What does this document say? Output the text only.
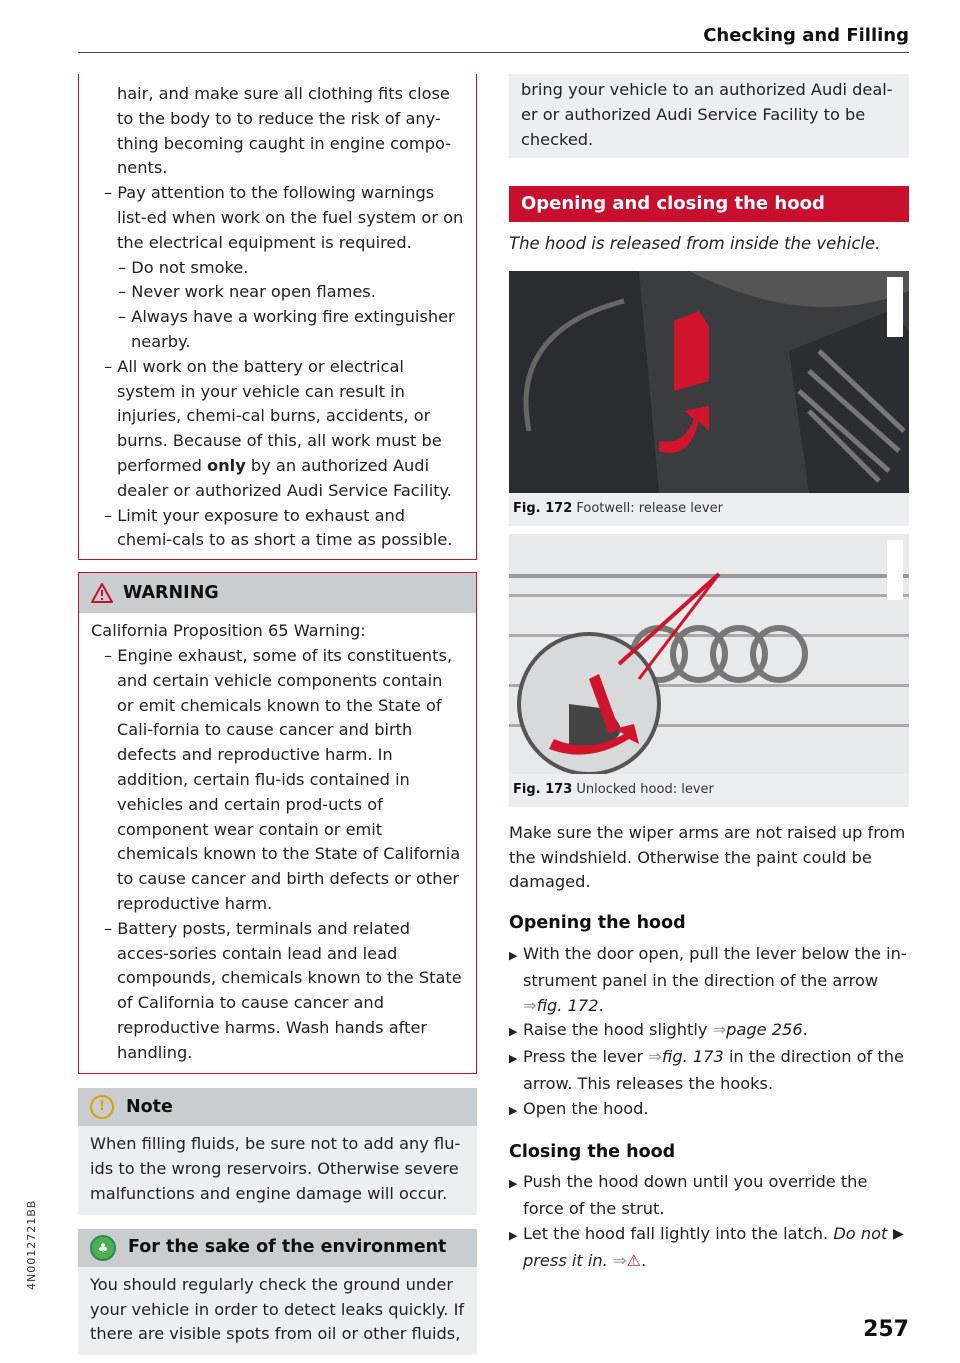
Checking and Filling

hair, and make sure all clothing fits close

to the body to to reduce the risk of any-

thing becoming caught in engine compo-

nents.

– Pay attention to the following warnings list-ed when work on the fuel system or on the electrical equipment is required.

– Do not smoke.

– Never work near open flames.

– Always have a working fire extinguisher nearby.

– All work on the battery or electrical system in your vehicle can result in injuries, chemi-cal burns, accidents, or burns. Because of this, all work must be performed only by an authorized Audi dealer or authorized Audi Service Facility.

– Limit your exposure to exhaust and chemi-cals to as short a time as possible.

WARNING

California Proposition 65 Warning:

– Engine exhaust, some of its constituents, and certain vehicle components contain or emit chemicals known to the State of Cali-fornia to cause cancer and birth defects and reproductive harm. In addition, certain flu-ids contained in vehicles and certain prod-ucts of component wear contain or emit chemicals known to the State of California to cause cancer and birth defects or other reproductive harm.

– Battery posts, terminals and related acces-sories contain lead and lead compounds, chemicals known to the State of California to cause cancer and reproductive harms. Wash hands after handling.

!	Note
When filling fluids, be sure not to add any flu-ids to the wrong reservoirs. Otherwise severe malfunctions and engine damage will occur.
♣	For the sake of the environment
You should regularly check the ground under your vehicle in order to detect leaks quickly. If there are visible spots from oil or other fluids,
bring your vehicle to an authorized Audi deal-er or authorized Audi Service Facility to be checked.
Opening and closing the hood
The hood is released from inside the vehicle.
Fig. 172 Footwell: release lever
Fig. 173 Unlocked hood: lever

Make sure the wiper arms are not raised up from the windshield. Otherwise the paint could be damaged.

Opening the hood

▶ With the door open, pull the lever below the in-strument panel in the direction of the arrow ⇒fig. 172.

▶ Raise the hood slightly ⇒page 256.

▶ Press the lever ⇒fig. 173 in the direction of the arrow. This releases the hooks.

▶ Open the hood.

Closing the hood

▶ Push the hood down until you override the force of the strut.

▶ Let the hood fall lightly into the latch. Do not press it in. ⇒⚠.

▶
4N0012721BB
257
